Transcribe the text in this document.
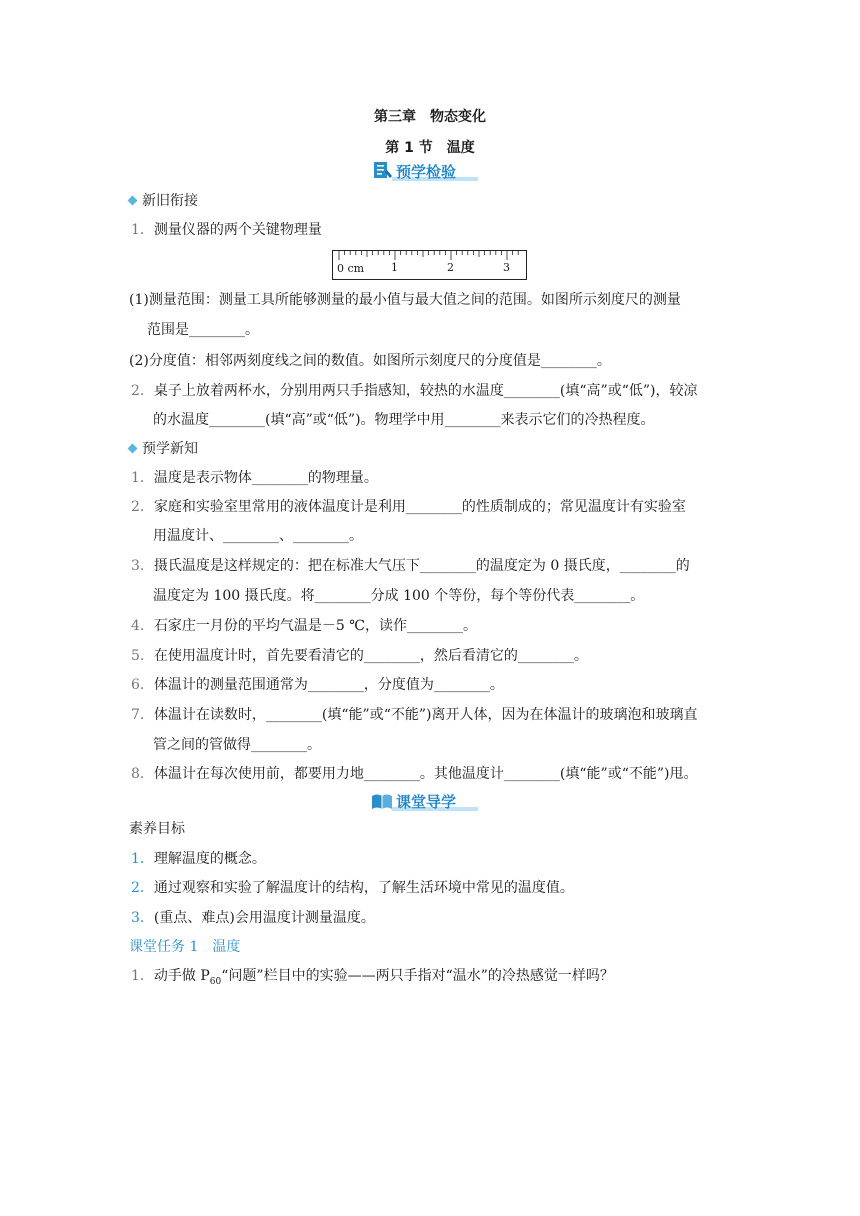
第三章　物态变化
第 1 节　温度
预学检验
新旧衔接
1．测量仪器的两个关键物理量
0 cm 1	2	3
(1)测量范围：测量工具所能够测量的最小值与最大值之间的范围。如图所示刻度尺的测量
范围是________。
(2)分度值：相邻两刻度线之间的数值。如图所示刻度尺的分度值是________。
2．桌子上放着两杯水，分别用两只手指感知，较热的水温度________(填“高”或“低”)，较凉
的水温度________(填“高”或“低”)。物理学中用________来表示它们的冷热程度。
预学新知
1．温度是表示物体________的物理量。
2．家庭和实验室里常用的液体温度计是利用________的性质制成的；常见温度计有实验室
用温度计、________、________。
3．摄氏温度是这样规定的：把在标准大气压下________的温度定为 0 摄氏度，________的
温度定为 100 摄氏度。将________分成 100 个等份，每个等份代表________。
4．石家庄一月份的平均气温是－5 ℃，读作________。
5．在使用温度计时，首先要看清它的________，然后看清它的________。
6．体温计的测量范围通常为________，分度值为________。
7．体温计在读数时，________(填“能”或“不能”)离开人体，因为在体温计的玻璃泡和玻璃直
管之间的管做得________。
8．体温计在每次使用前，都要用力地________。其他温度计________(填“能”或“不能”)甩。
课堂导学
素养目标
1．理解温度的概念。
2．通过观察和实验了解温度计的结构，了解生活环境中常见的温度值。
3．(重点、难点)会用温度计测量温度。
课堂任务 1　温度
1．动手做 $P_{60}“$问题”栏目中的实验——两只手指对“温水”的冷热感觉一样吗？
